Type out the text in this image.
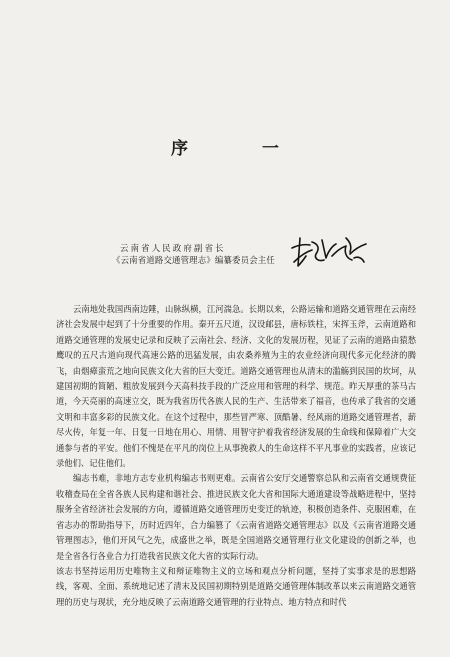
序 一
云南省人民政府副省长
《云南省道路交通管理志》编纂委员会主任

云南地处我国西南边陲，山脉纵横，江河湍急。长期以来，公路运输和道路交通管理在云南经济社会发展中起到了十分重要的作用。秦开五尺道，汉设邮县，唐标铁柱，宋挥玉斧，云南道路和道路交通管理的发展史记录和反映了云南社会、经济、文化的发展历程，见证了云南的道路由猿愁鹰叹的五尺古道向现代高速公路的迅猛发展，由农桑养殖为主的农业经济向现代多元化经济的腾飞，由烟瘴蛮荒之地向民族文化大省的巨大变迁。道路交通管理也从清末的滥觞到民国的坎坷，从建国初期的简陋、粗放发展到今天高科技手段的广泛应用和管理的科学、规范。昨天厚重的茶马古道，今天亮丽的高速立交，既为我省历代各族人民的生产、生活带来了福音，也传承了我省的交通文明和丰富多彩的民族文化。在这个过程中，那些冒严寒、顶酷暑、经风雨的道路交通管理者，薪尽火传，年复一年、日复一日地在用心、用情、用智守护着我省经济发展的生命线和保障着广大交通参与者的平安。他们不愧是在平凡的岗位上从事挽救人的生命这样不平凡事业的实践者，应该记录他们、记住他们。

编志书难，非地方志专业机构编志书则更难。云南省公安厅交通警察总队和云南省交通规费征收稽查局在全省各族人民构建和谐社会、推进民族文化大省和国际大通道建设等战略进程中，坚持服务全省经济社会发展的方向，遵循道路交通管理历史变迁的轨迹，积极创造条件、克服困难，在省志办的帮助指导下，历时近四年，合力编篡了《云南省道路交通管理志》以及《云南省道路交通管理图志》，他们开风气之先，成盛世之举，既是全国道路交通管理行业文化建设的创新之举，也是全省各行各业合力打造我省民族文化大省的实际行动。

该志书坚持运用历史唯物主义和辩证唯物主义的立场和观点分析问题，坚持了实事求是的思想路线，客观、全面、系统地记述了清末及民国初期特别是道路交通管理体制改革以来云南道路交通管理的历史与现状，充分地反映了云南道路交通管理的行业特点、地方特点和时代
